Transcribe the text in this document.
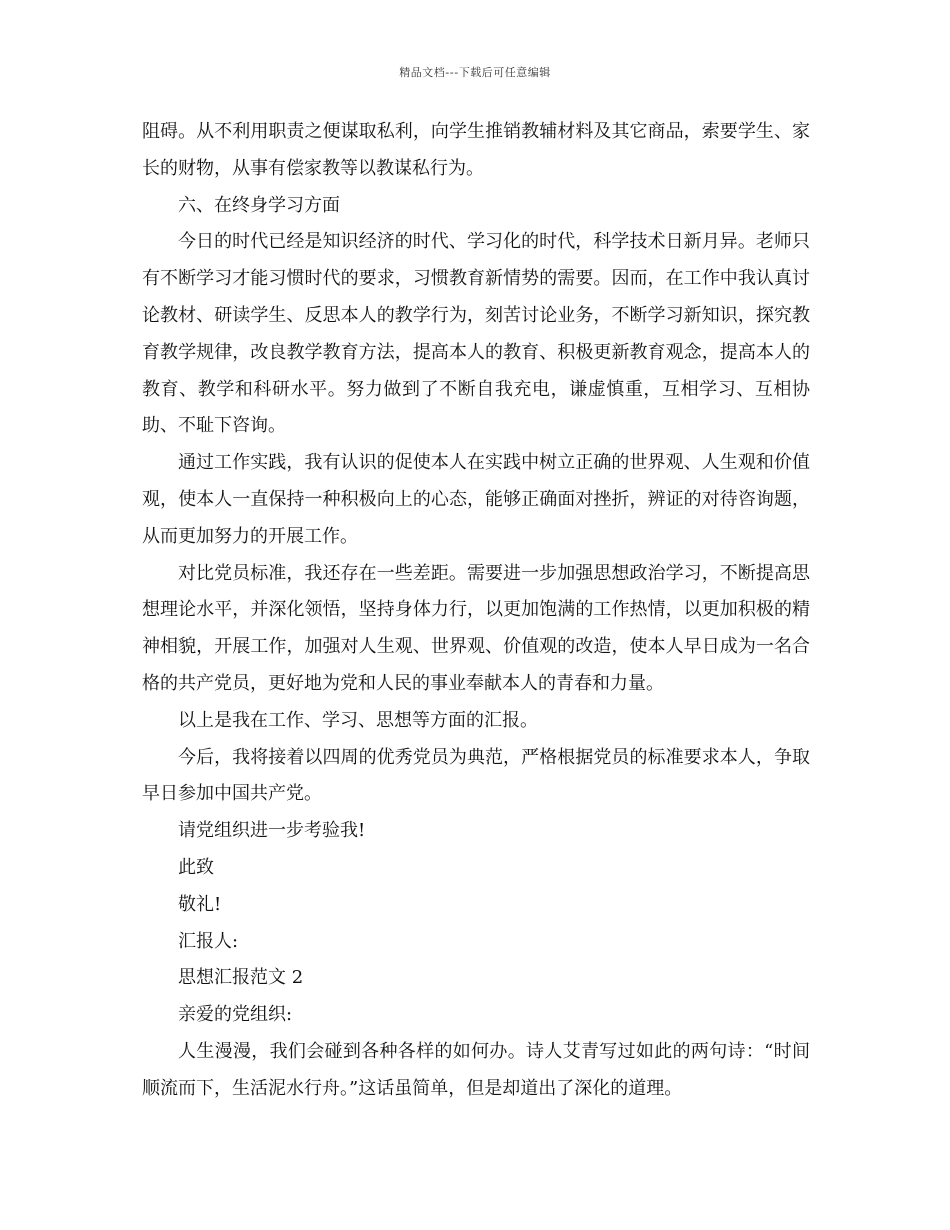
精品文档---下载后可任意编辑

阻碍。从不利用职责之便谋取私利，向学生推销教辅材料及其它商品，索要学生、家长的财物，从事有偿家教等以教谋私行为。

六、在终身学习方面

今日的时代已经是知识经济的时代、学习化的时代，科学技术日新月异。老师只有不断学习才能习惯时代的要求，习惯教育新情势的需要。因而，在工作中我认真讨论教材、研读学生、反思本人的教学行为，刻苦讨论业务，不断学习新知识，探究教育教学规律，改良教学教育方法，提高本人的教育、积极更新教育观念，提高本人的教育、教学和科研水平。努力做到了不断自我充电，谦虚慎重，互相学习、互相协助、不耻下咨询。

通过工作实践，我有认识的促使本人在实践中树立正确的世界观、人生观和价值观，使本人一直保持一种积极向上的心态，能够正确面对挫折，辨证的对待咨询题，从而更加努力的开展工作。

对比党员标准，我还存在一些差距。需要进一步加强思想政治学习，不断提高思想理论水平，并深化领悟，坚持身体力行，以更加饱满的工作热情，以更加积极的精神相貌，开展工作，加强对人生观、世界观、价值观的改造，使本人早日成为一名合格的共产党员，更好地为党和人民的事业奉献本人的青春和力量。

以上是我在工作、学习、思想等方面的汇报。

今后，我将接着以四周的优秀党员为典范，严格根据党员的标准要求本人，争取早日参加中国共产党。

请党组织进一步考验我!

此致

敬礼!

汇报人:

思想汇报范文 2

亲爱的党组织:

人生漫漫，我们会碰到各种各样的如何办。诗人艾青写过如此的两句诗：“时间顺流而下，生活泥水行舟。”这话虽简单，但是却道出了深化的道理。
